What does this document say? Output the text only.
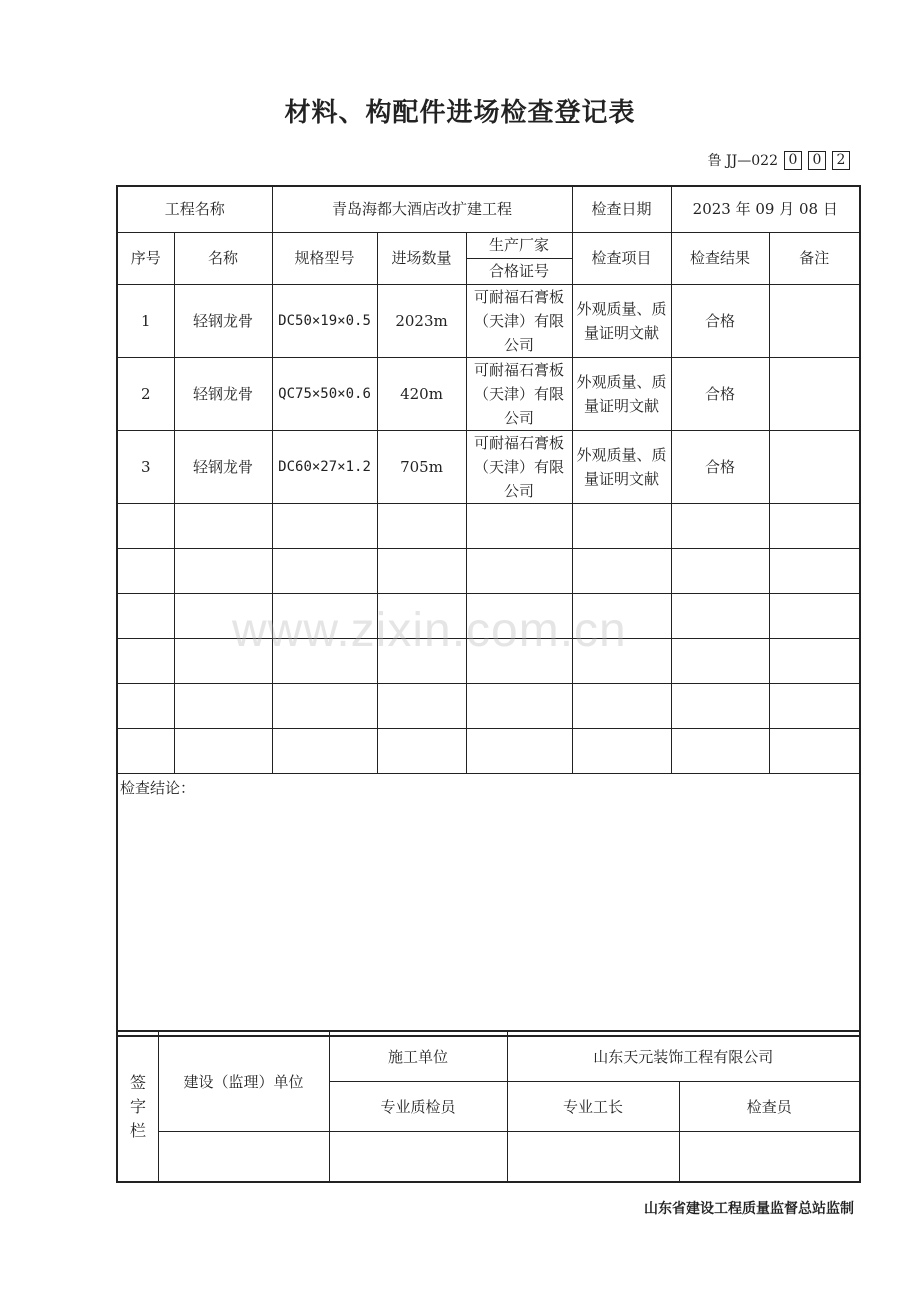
材料、构配件进场检查登记表
鲁 JJ—022 0	0	2
工程名称		青岛海都大酒店改扩建工程			检查日期	2023 年 09 月 08 日	
序号	名称	规格型号	进场数量	生产厂家	检查项目	检查结果	备注
				合格证号			
1	轻钢龙骨	DC50×19×0.5	2023m	可耐福石膏板（天津）有限公司	外观质量、质量证明文献	合格	
2	轻钢龙骨	QC75×50×0.6	420m	可耐福石膏板（天津）有限公司	外观质量、质量证明文献	合格	
3	轻钢龙骨	DC60×27×1.2	705m	可耐福石膏板（天津）有限公司	外观质量、质量证明文献	合格	

检查结论：							
签字栏	建设（监理）单位	施工单位	山东天元装饰工程有限公司	
		专业质检员	专业工长	检查员

山东省建设工程质量监督总站监制
www.zixin.com.cn
